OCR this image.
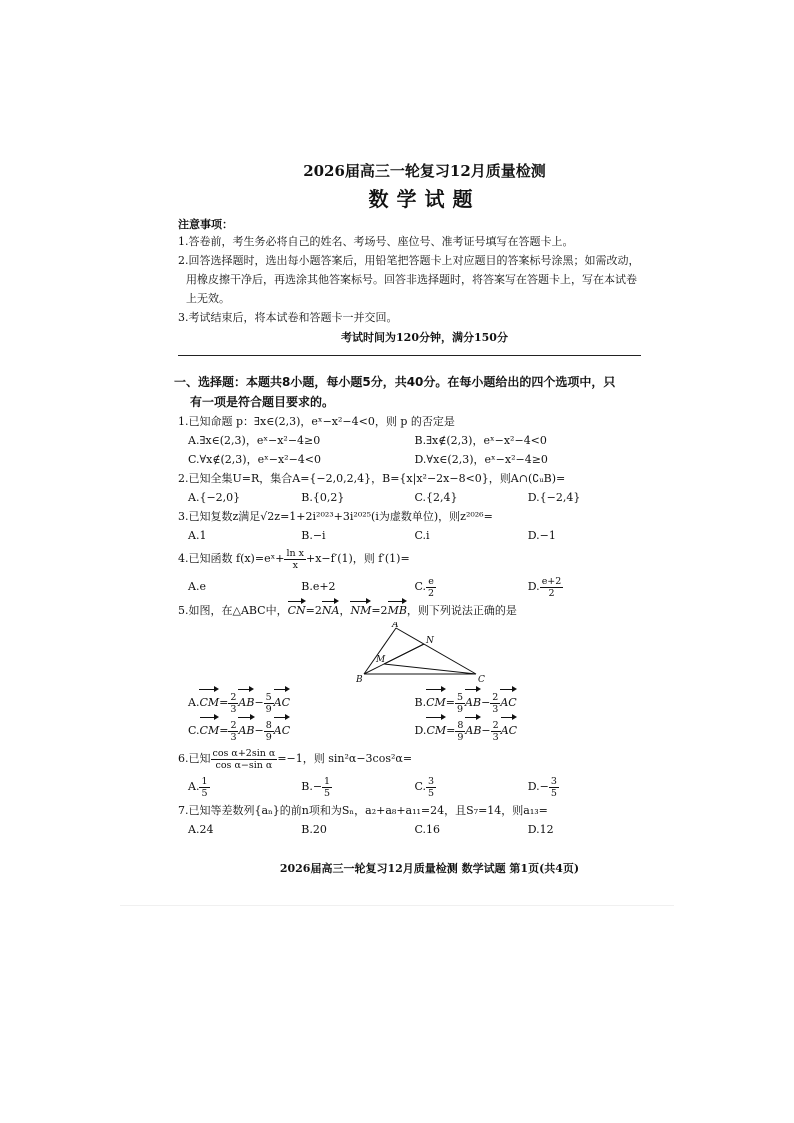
2026届高三一轮复习12月质量检测
数学试题
注意事项：
1.答卷前，考生务必将自己的姓名、考场号、座位号、准考证号填写在答题卡上。
2.回答选择题时，选出每小题答案后，用铅笔把答题卡上对应题目的答案标号涂黑；如需改动，用橡皮擦干净后，再选涂其他答案标号。回答非选择题时，将答案写在答题卡上，写在本试卷上无效。
3.考试结束后，将本试卷和答题卡一并交回。
考试时间为120分钟，满分150分
一、选择题：本题共8小题，每小题5分，共40分。在每小题给出的四个选项中，只
有一项是符合题目要求的。
1.已知命题 p：∃x∈(2,3)，eˣ−x²−4<0，则 p 的否定是
A.∃x∈(2,3)，eˣ−x²−4≥0	B.∃x∉(2,3)，eˣ−x²−4<0
C.∀x∉(2,3)，eˣ−x²−4<0	D.∀x∈(2,3)，eˣ−x²−4≥0
2.已知全集U=R，集合A={−2,0,2,4}，B={x|x²−2x−8<0}，则A∩(∁ᵤB)=
A.{−2,0}	B.{0,2}	C.{2,4}	D.{−2,4}
3.已知复数z满足√2z=1+2i²⁰²³+3i²⁰²⁵(i为虚数单位)，则z²⁰²⁶=
A.1	B.−i	C.i	D.−1
4.已知函数 f(x)=eˣ+ $\frac{\text{ln x}}{x} +x-f'(1)$，则 f′(1)=
A.e	B.e+2	C. $\frac{e}{2}$	D. $\frac{e+2}{2}$
5.如图，在△ABC中，CN=2NA，NM=2MB，则下列说法正确的是
A
N
M
B	C
$A.CM= \frac{2}{3} AB- \frac{5}{9}$ AC	$B.CM= \frac{5}{9} AB- \frac{2}{3}$ AC
$C.CM= \frac{2}{3} AB- \frac{8}{9}$ AC	$D.CM= \frac{8}{9} AB- \frac{2}{3}$ AC
6.已知 $\frac{\text{cos α+2sin α}}{\text{cos α−sin α}} =-1$，则 sin²α−3cos²α=
A. $\frac{1}{5}$	$B.- \frac{1}{5}$	C. $\frac{3}{5}$	$D.- \frac{3}{5}$
7.已知等差数列{aₙ}的前n项和为Sₙ，a₂+a₈+a₁₁=24，且S₇=14，则a₁₃=
A.24	B.20	C.16	D.12
2026届高三一轮复习12月质量检测 数学试题 第1页(共4页)
